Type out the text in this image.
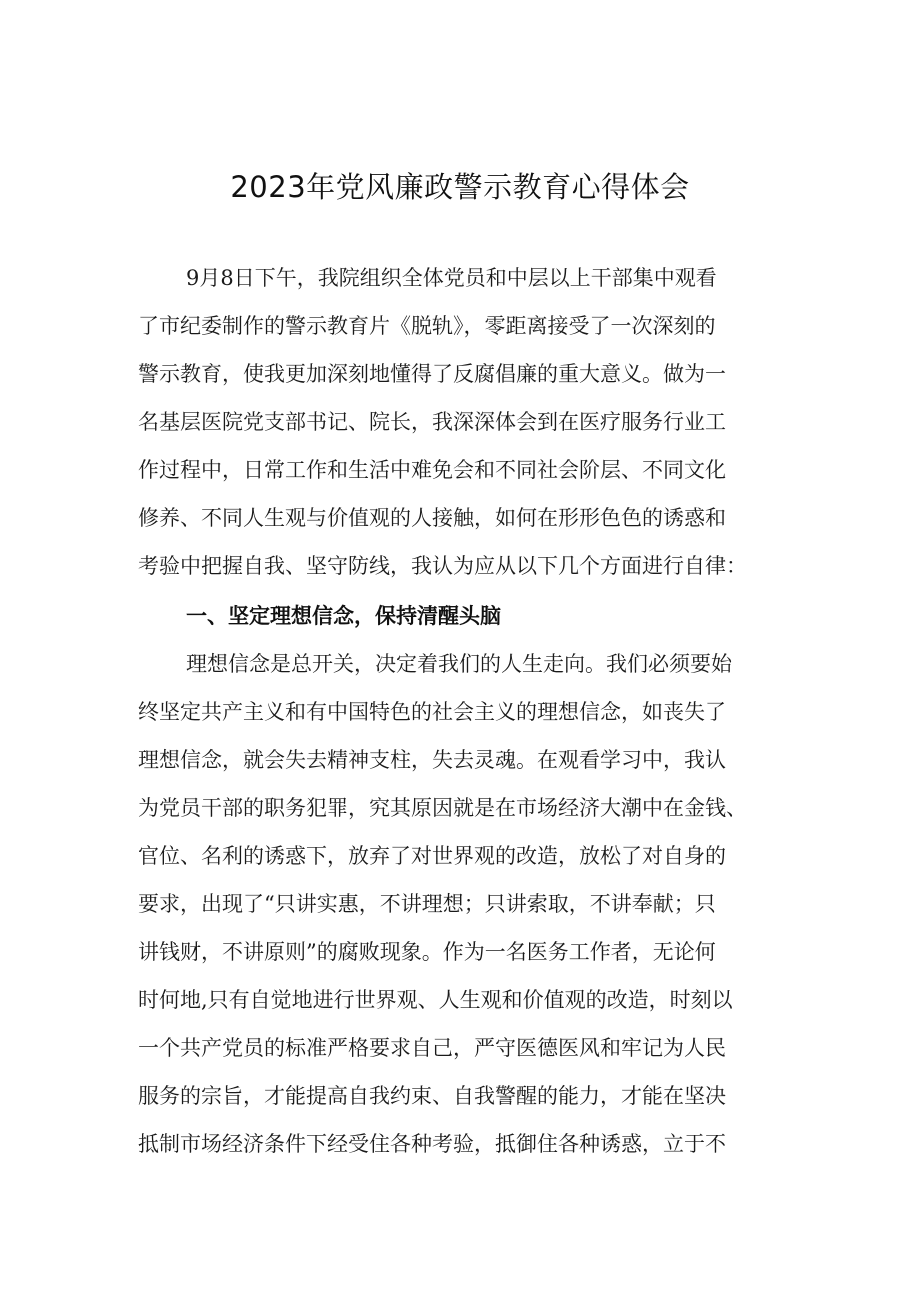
2023年党风廉政警示教育心得体会

9月8日下午，我院组织全体党员和中层以上干部集中观看

了市纪委制作的警示教育片《脱轨》，零距离接受了一次深刻的

警示教育，使我更加深刻地懂得了反腐倡廉的重大意义。做为一

名基层医院党支部书记、院长，我深深体会到在医疗服务行业工

作过程中，日常工作和生活中难免会和不同社会阶层、不同文化

修养、不同人生观与价值观的人接触，如何在形形色色的诱惑和

考验中把握自我、坚守防线，我认为应从以下几个方面进行自律：

一、坚定理想信念，保持清醒头脑

理想信念是总开关，决定着我们的人生走向。我们必须要始

终坚定共产主义和有中国特色的社会主义的理想信念，如丧失了

理想信念，就会失去精神支柱，失去灵魂。在观看学习中，我认

为党员干部的职务犯罪，究其原因就是在市场经济大潮中在金钱、

官位、名利的诱惑下，放弃了对世界观的改造，放松了对自身的

要求，出现了“只讲实惠，不讲理想；只讲索取，不讲奉献；只

讲钱财，不讲原则”的腐败现象。作为一名医务工作者，无论何

时何地,只有自觉地进行世界观、人生观和价值观的改造，时刻以

一个共产党员的标准严格要求自己，严守医德医风和牢记为人民

服务的宗旨，才能提高自我约束、自我警醒的能力，才能在坚决

抵制市场经济条件下经受住各种考验，抵御住各种诱惑，立于不
